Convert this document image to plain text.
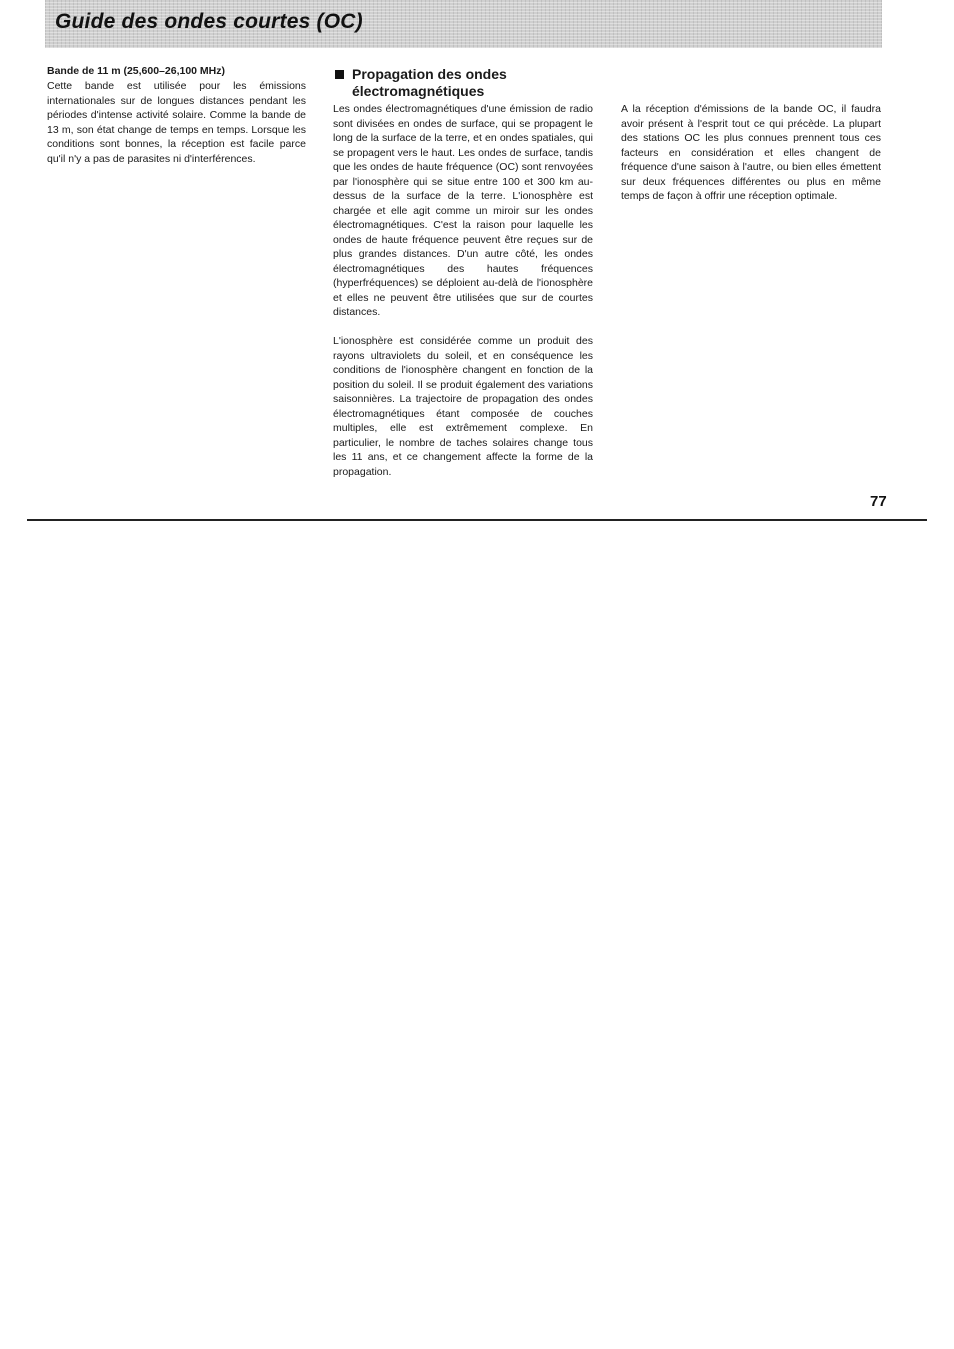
Guide des ondes courtes (OC)
Bande de 11 m (25,600–26,100 MHz)

Cette bande est utilisée pour les émissions internationales sur de longues distances pendant les périodes d'intense activité solaire. Comme la bande de 13 m, son état change de temps en temps. Lorsque les conditions sont bonnes, la réception est facile parce qu'il n'y a pas de parasites ni d'interférences.

Propagation des ondes électromagnétiques

Les ondes électromagnétiques d'une émission de radio sont divisées en ondes de surface, qui se propagent le long de la surface de la terre, et en ondes spatiales, qui se propagent vers le haut. Les ondes de surface, tandis que les ondes de haute fréquence (OC) sont renvoyées par l'ionosphère qui se situe entre 100 et 300 km au-dessus de la surface de la terre. L'ionosphère est chargée et elle agit comme un miroir sur les ondes électromagnétiques. C'est la raison pour laquelle les ondes de haute fréquence peuvent être reçues sur de plus grandes distances. D'un autre côté, les ondes électromagnétiques des hautes fréquences (hyperfréquences) se déploient au-delà de l'ionosphère et elles ne peuvent être utilisées que sur de courtes distances.

L'ionosphère est considérée comme un produit des rayons ultraviolets du soleil, et en conséquence les conditions de l'ionosphère changent en fonction de la position du soleil. Il se produit également des variations saisonnières. La trajectoire de propagation des ondes électromagnétiques étant composée de couches multiples, elle est extrêmement complexe. En particulier, le nombre de taches solaires change tous les 11 ans, et ce changement affecte la forme de la propagation.

A la réception d'émissions de la bande OC, il faudra avoir présent à l'esprit tout ce qui précède. La plupart des stations OC les plus connues prennent tous ces facteurs en considération et elles changent de fréquence d'une saison à l'autre, ou bien elles émettent sur deux fréquences différentes ou plus en même temps de façon à offrir une réception optimale.

77
